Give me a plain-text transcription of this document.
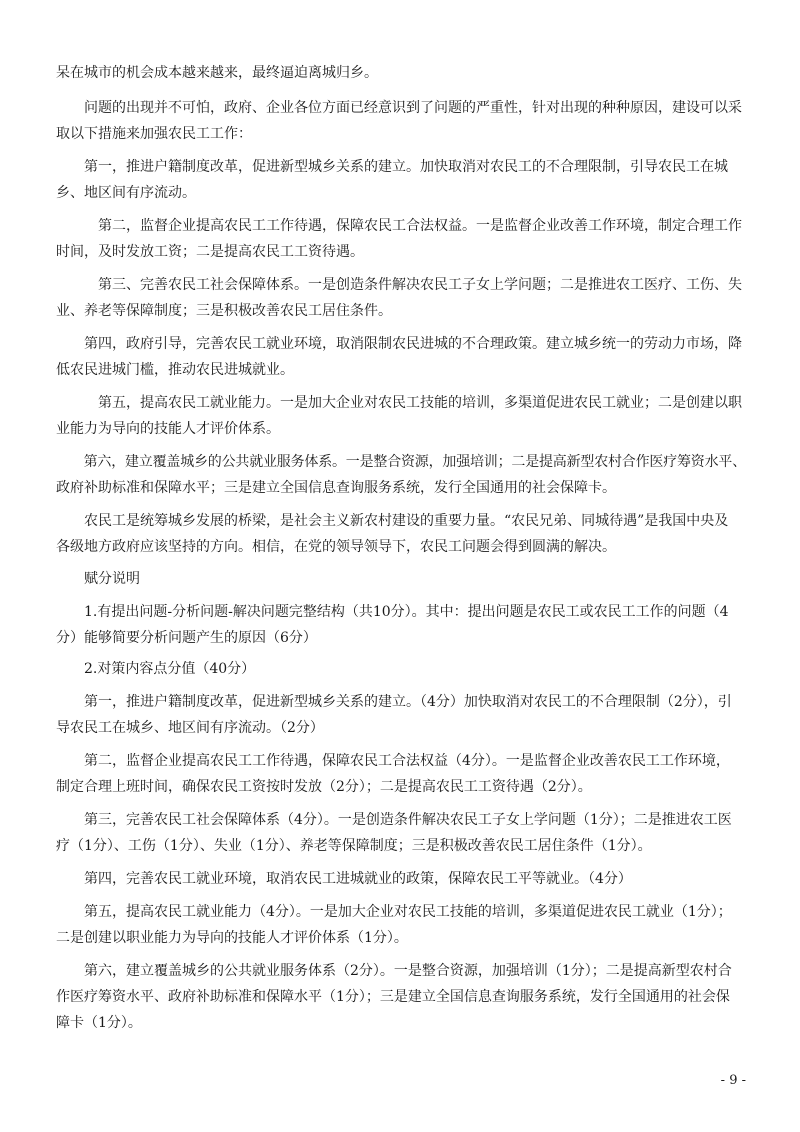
呆在城市的机会成本越来越来，最终逼迫离城归乡。

　　问题的出现并不可怕，政府、企业各位方面已经意识到了问题的严重性，针对出现的种种原因，建设可以采
取以下措施来加强农民工工作：

　　第一，推进户籍制度改革，促进新型城乡关系的建立。加快取消对农民工的不合理限制，引导农民工在城
乡、地区间有序流动。

　　　第二，监督企业提高农民工工作待遇，保障农民工合法权益。一是监督企业改善工作环境，制定合理工作
时间，及时发放工资；二是提高农民工工资待遇。

　　　第三、完善农民工社会保障体系。一是创造条件解决农民工子女上学问题；二是推进农工医疗、工伤、失
业、养老等保障制度；三是积极改善农民工居住条件。

　　第四，政府引导，完善农民工就业环境，取消限制农民进城的不合理政策。建立城乡统一的劳动力市场，降
低农民进城门槛，推动农民进城就业。

　　　第五，提高农民工就业能力。一是加大企业对农民工技能的培训，多渠道促进农民工就业；二是创建以职
业能力为导向的技能人才评价体系。

　　第六，建立覆盖城乡的公共就业服务体系。一是整合资源，加强培训；二是提高新型农村合作医疗筹资水平、
政府补助标准和保障水平；三是建立全国信息查询服务系统，发行全国通用的社会保障卡。

　　农民工是统筹城乡发展的桥梁，是社会主义新农村建设的重要力量。“农民兄弟、同城待遇”是我国中央及
各级地方政府应该坚持的方向。相信，在党的领导领导下，农民工问题会得到圆满的解决。

　　赋分说明

　　1.有提出问题-分析问题-解决问题完整结构（共10分）。其中：提出问题是农民工或农民工工作的问题（4
分）能够简要分析问题产生的原因（6分）

　　2.对策内容点分值（40分）

　　第一，推进户籍制度改革，促进新型城乡关系的建立。（4分）加快取消对农民工的不合理限制（2分），引
导农民工在城乡、地区间有序流动。（2分）

　　第二，监督企业提高农民工工作待遇，保障农民工合法权益（4分）。一是监督企业改善农民工工作环境，
制定合理上班时间，确保农民工资按时发放（2分）；二是提高农民工工资待遇（2分）。

　　第三，完善农民工社会保障体系（4分）。一是创造条件解决农民工子女上学问题（1分）；二是推进农工医
疗（1分）、工伤（1分）、失业（1分）、养老等保障制度；三是积极改善农民工居住条件（1分）。

　　第四，完善农民工就业环境，取消农民工进城就业的政策，保障农民工平等就业。（4分）

　　第五，提高农民工就业能力（4分）。一是加大企业对农民工技能的培训，多渠道促进农民工就业（1分）；
二是创建以职业能力为导向的技能人才评价体系（1分）。

　　第六，建立覆盖城乡的公共就业服务体系（2分）。一是整合资源，加强培训（1分）；二是提高新型农村合
作医疗筹资水平、政府补助标准和保障水平（1分）；三是建立全国信息查询服务系统，发行全国通用的社会保
障卡（1分）。

- 9 -
